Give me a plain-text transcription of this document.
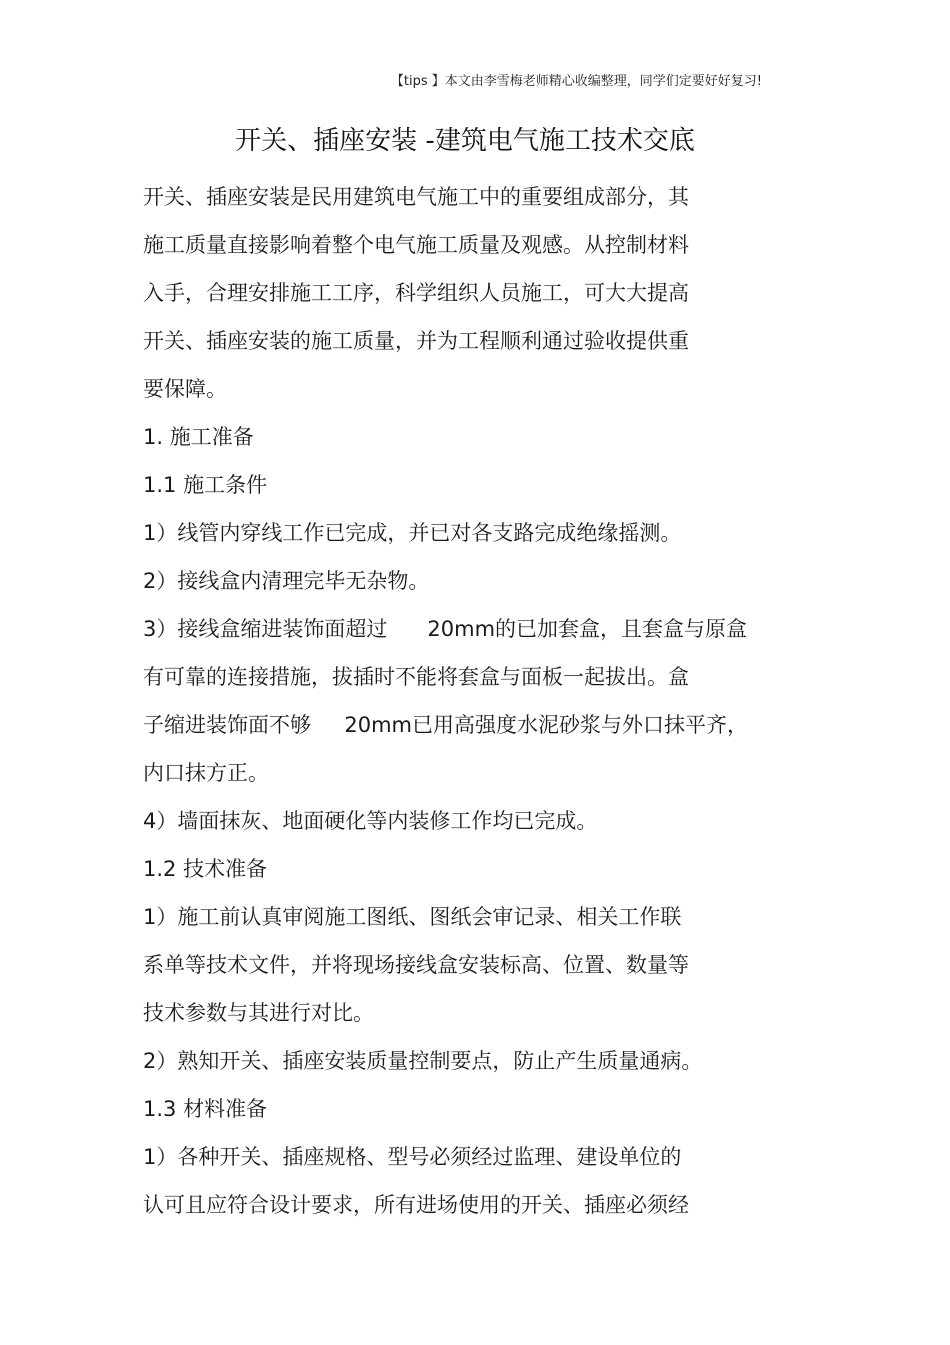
【tips 】本文由李雪梅老师精心收编整理，同学们定要好好复习!
开关、插座安装 -建筑电气施工技术交底
开关、插座安装是民用建筑电气施工中的重要组成部分，其
施工质量直接影响着整个电气施工质量及观感。从控制材料
入手，合理安排施工工序，科学组织人员施工，可大大提高
开关、插座安装的施工质量，并为工程顺利通过验收提供重
要保障。
1. 施工准备
1.1 施工条件
1）线管内穿线工作已完成，并已对各支路完成绝缘摇测。
2）接线盒内清理完毕无杂物。
3）接线盒缩进装饰面超过      20mm的已加套盒，且套盒与原盒
有可靠的连接措施，拔插时不能将套盒与面板一起拔出。盒
子缩进装饰面不够     20mm已用高强度水泥砂浆与外口抹平齐，
内口抹方正。
4）墙面抹灰、地面硬化等内装修工作均已完成。
1.2 技术准备
1）施工前认真审阅施工图纸、图纸会审记录、相关工作联
系单等技术文件，并将现场接线盒安装标高、位置、数量等
技术参数与其进行对比。
2）熟知开关、插座安装质量控制要点，防止产生质量通病。
1.3 材料准备
1）各种开关、插座规格、型号必须经过监理、建设单位的
认可且应符合设计要求，所有进场使用的开关、插座必须经
